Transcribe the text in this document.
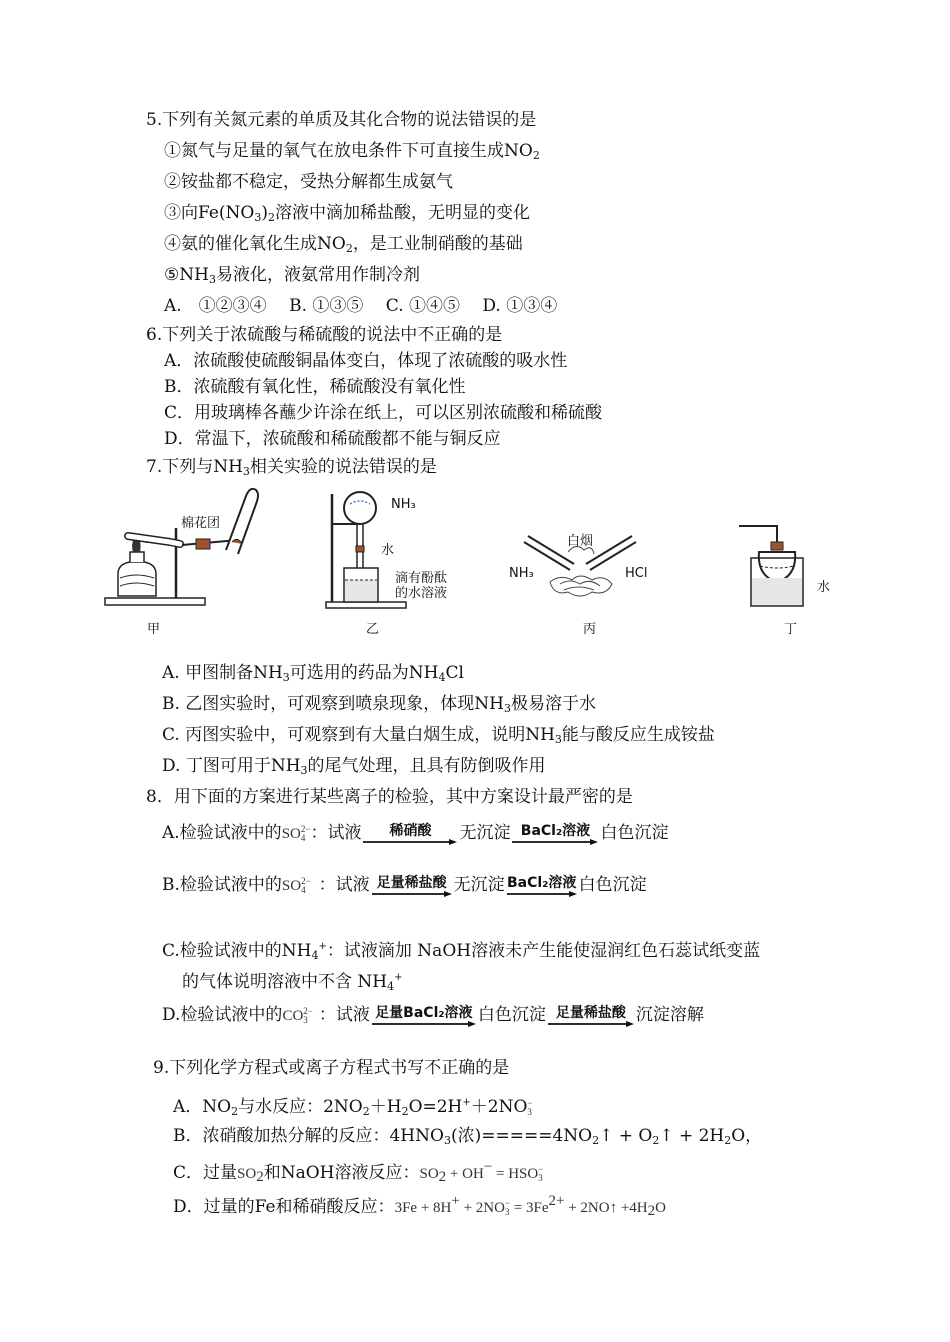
5.下列有关氮元素的单质及其化合物的说法错误的是
①氮气与足量的氧气在放电条件下可直接生成$NO_2$
②铵盐都不稳定，受热分解都生成氨气
③向$Fe(NO_3)_2$溶液中滴加稀盐酸，无明显的变化
④氨的催化氧化生成$NO_2$，是工业制硝酸的基础
$⑤NH_3$易液化，液氨常用作制冷剂
A.　①②③④　 B. ①③⑤　 C. ①④⑤　 D. ①③④
6.下列关于浓硫酸与稀硫酸的说法中不正确的是
A．浓硫酸使硫酸铜晶体变白，体现了浓硫酸的吸水性
B．浓硫酸有氧化性，稀硫酸没有氧化性
C．用玻璃棒各蘸少许涂在纸上，可以区别浓硫酸和稀硫酸
D．常温下，浓硫酸和稀硫酸都不能与铜反应
7.下列与$NH_3$相关实验的说法错误的是
棉花团
甲
NH₃
水
滴有酚酞
的水溶液
乙
白烟
NH₃	HCl
丙
水
丁
A. 甲图制备$NH_3$可选用的药品为$NH_4Cl$
B. 乙图实验时，可观察到喷泉现象，体现$NH_3$极易溶于水
C. 丙图实验中，可观察到有大量白烟生成，说明$NH_3$能与酸反应生成铵盐
D. 丁图可用于$NH_3$的尾气处理，且具有防倒吸作用
8．用下面的方案进行某些离子的检验，其中方案设计最严密的是
A.检验试液中的SO 2−
4 ：试液	稀硝酸	无沉淀 BaCl₂溶液 白色沉淀
B.检验试液中的SO 2−
4 ：试液 足量稀盐酸 无沉淀 BaCl₂溶液 白色沉淀
C.检验试液中的$NH_4^+$：试液滴加 NaOH溶液未产生能使湿润红色石蕊试纸变蓝
的气体说明溶液中不含 $NH_4^+$
D.检验试液中的CO 2−
3 ：试液 足量BaCl₂溶液 白色沉淀 足量稀盐酸 沉淀溶解
9.下列化学方程式或离子方程式书写不正确的是
A．$NO_2$与水反应：$2NO_2+H_2O=2H^++2NO$ −
3
B．浓硝酸加热分解的反应：$4HNO_3$(浓)$=====4NO_2↑$ + $O_2↑ + 2H_2O$，
C．过量SO2和NaOH溶液反应：SO2 + OH− = HSO −
3
D．过量的Fe和稀硝酸反应：3Fe + 8H+ + 2NO −
3 = 3Fe2+ + 2NO↑ +4H2O
